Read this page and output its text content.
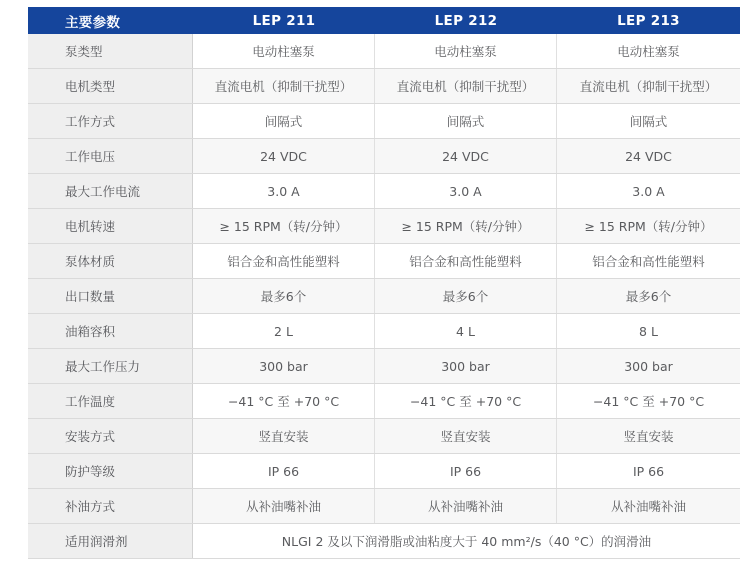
主要参数	LEP 211	LEP 212	LEP 213
泵类型	电动柱塞泵	电动柱塞泵	电动柱塞泵
电机类型	直流电机（抑制干扰型）	直流电机（抑制干扰型）	直流电机（抑制干扰型）
工作方式	间隔式	间隔式	间隔式
工作电压	24 VDC	24 VDC	24 VDC
最大工作电流	3.0 A	3.0 A	3.0 A
电机转速	≥ 15 RPM（转/分钟）	≥ 15 RPM（转/分钟）	≥ 15 RPM（转/分钟）
泵体材质	铝合金和高性能塑料	铝合金和高性能塑料	铝合金和高性能塑料
出口数量	最多6个	最多6个	最多6个
油箱容积	2 L	4 L	8 L
最大工作压力	300 bar	300 bar	300 bar
工作温度	−41 °C 至 +70 °C	−41 °C 至 +70 °C	−41 °C 至 +70 °C
安装方式	竖直安装	竖直安装	竖直安装
防护等级	IP 66	IP 66	IP 66
补油方式	从补油嘴补油	从补油嘴补油	从补油嘴补油
适用润滑剂	NLGI 2 及以下润滑脂或油粘度大于 40 mm²/s（40 °C）的润滑油
